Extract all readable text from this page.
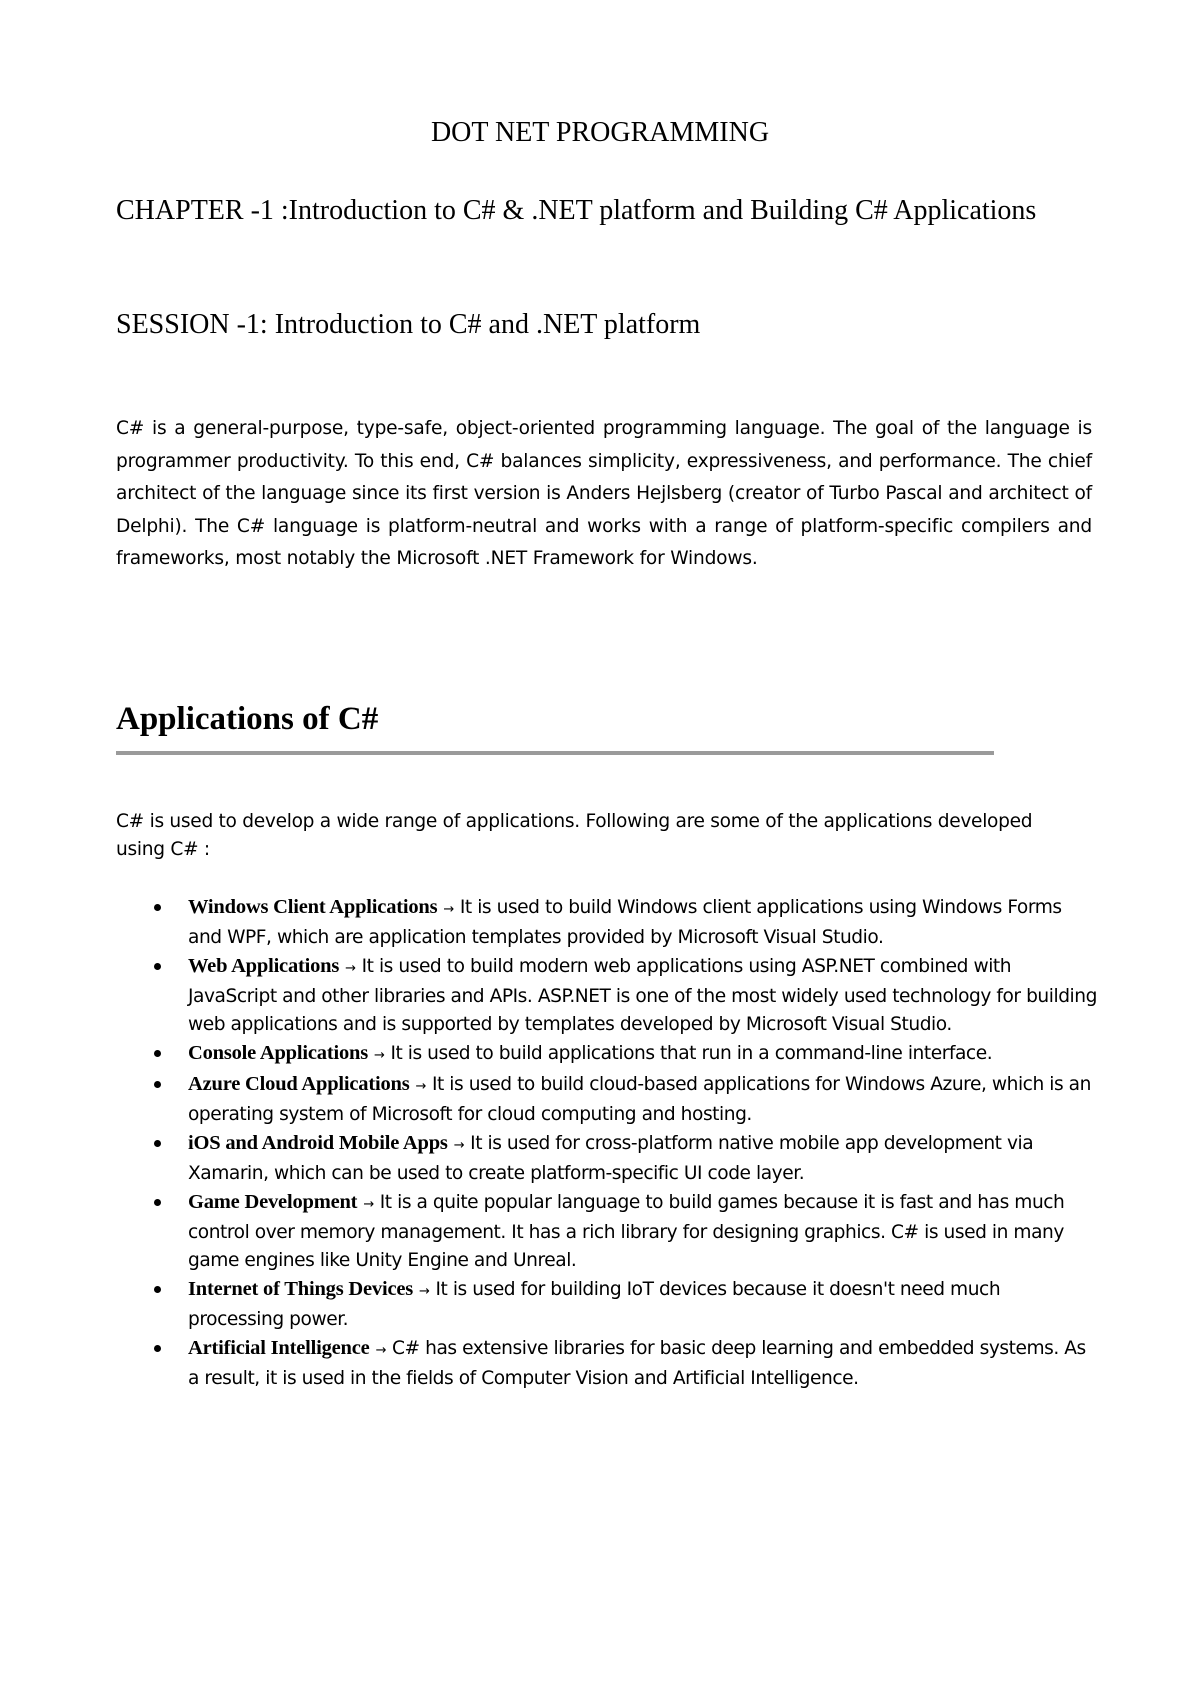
DOT NET PROGRAMMING
CHAPTER -1 :Introduction to C# & .NET platform and Building C# Applications
SESSION -1: Introduction to C# and .NET platform

C# is a general-purpose, type-safe, object-oriented programming language. The goal of the language is programmer productivity. To this end, C# balances simplicity, expressiveness, and performance. The chief architect of the language since its first version is Anders Hejlsberg (creator of Turbo Pascal and architect of Delphi). The C# language is platform-neutral and works with a range of platform-specific compilers and frameworks, most notably the Microsoft .NET Framework for Windows.

Applications of C#

C# is used to develop a wide range of applications. Following are some of the applications developed using C# :

Windows Client Applications → It is used to build Windows client applications using Windows Forms and WPF, which are application templates provided by Microsoft Visual Studio.
Web Applications → It is used to build modern web applications using ASP.NET combined with JavaScript and other libraries and APIs. ASP.NET is one of the most widely used technology for building web applications and is supported by templates developed by Microsoft Visual Studio.
Console Applications → It is used to build applications that run in a command-line interface.
Azure Cloud Applications → It is used to build cloud-based applications for Windows Azure, which is an operating system of Microsoft for cloud computing and hosting.
iOS and Android Mobile Apps → It is used for cross-platform native mobile app development via Xamarin, which can be used to create platform-specific UI code layer.
Game Development → It is a quite popular language to build games because it is fast and has much control over memory management. It has a rich library for designing graphics. C# is used in many game engines like Unity Engine and Unreal.
Internet of Things Devices → It is used for building IoT devices because it doesn't need much processing power.
Artificial Intelligence → C# has extensive libraries for basic deep learning and embedded systems. As a result, it is used in the fields of Computer Vision and Artificial Intelligence.
